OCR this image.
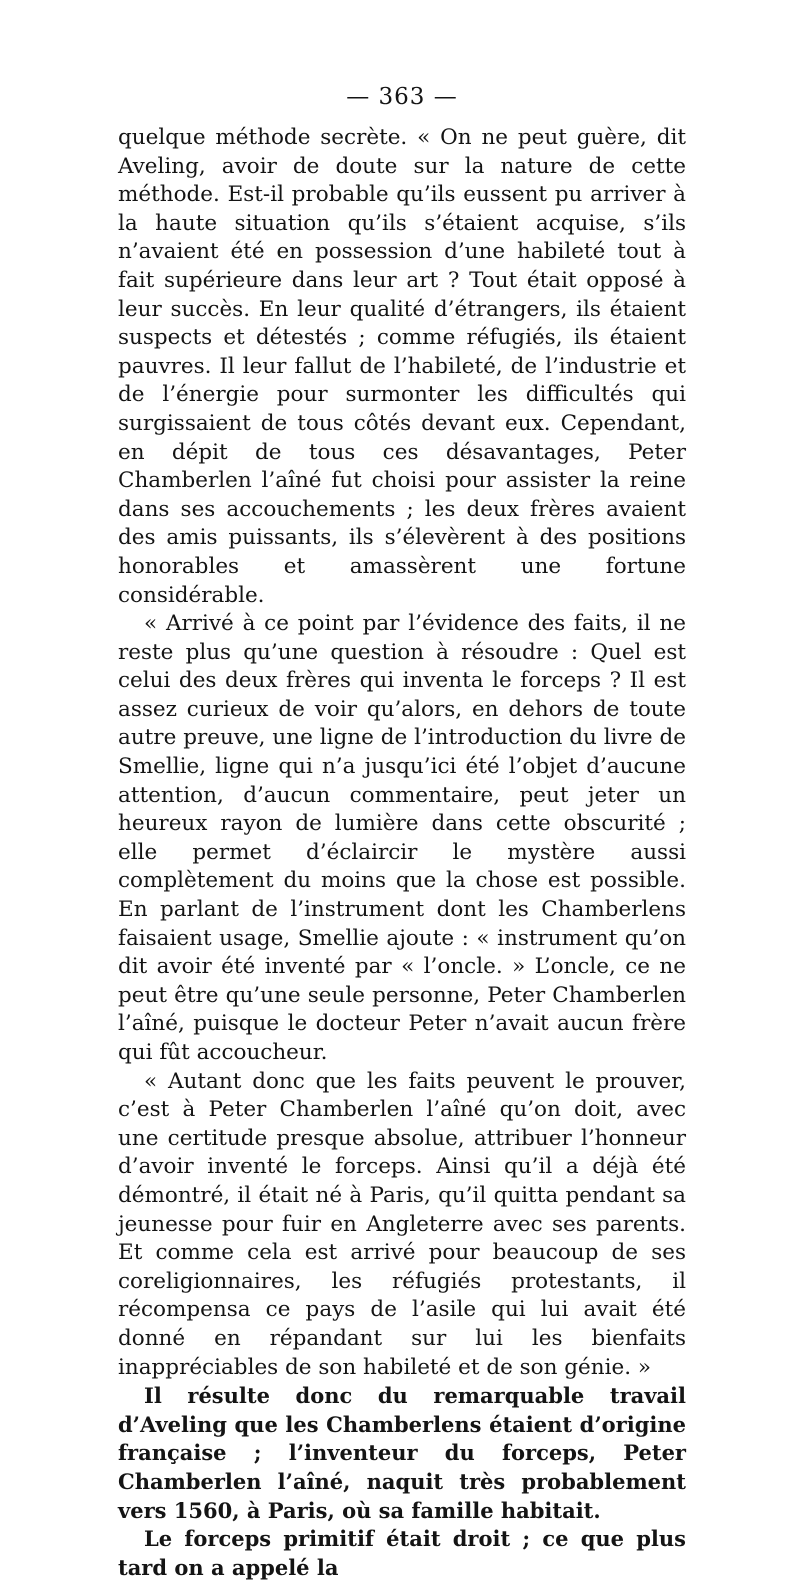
— 363 —

quelque méthode secrète. « On ne peut guère, dit Aveling, avoir de doute sur la nature de cette méthode. Est-il probable qu’ils eussent pu arriver à la haute situation qu’ils s’étaient acquise, s’ils n’avaient été en possession d’une habileté tout à fait supérieure dans leur art ? Tout était opposé à leur succès. En leur qualité d’étrangers, ils étaient suspects et détestés ; comme réfugiés, ils étaient pauvres. Il leur fallut de l’habileté, de l’industrie et de l’énergie pour surmonter les difficultés qui surgissaient de tous côtés devant eux. Cependant, en dépit de tous ces désavantages, Peter Chamberlen l’aîné fut choisi pour assister la reine dans ses accouchements ; les deux frères avaient des amis puissants, ils s’élevèrent à des positions honorables et amassèrent une fortune considérable.

« Arrivé à ce point par l’évidence des faits, il ne reste plus qu’une question à résoudre : Quel est celui des deux frères qui inventa le forceps ? Il est assez curieux de voir qu’alors, en dehors de toute autre preuve, une ligne de l’introduction du livre de Smellie, ligne qui n’a jusqu’ici été l’objet d’aucune attention, d’aucun commentaire, peut jeter un heureux rayon de lumière dans cette obscurité ; elle permet d’éclaircir le mystère aussi complètement du moins que la chose est possible. En parlant de l’instrument dont les Chamberlens faisaient usage, Smellie ajoute : « instrument qu’on dit avoir été inventé par « l’oncle. » L’oncle, ce ne peut être qu’une seule personne, Peter Chamberlen l’aîné, puisque le docteur Peter n’avait aucun frère qui fût accoucheur.

« Autant donc que les faits peuvent le prouver, c’est à Peter Chamberlen l’aîné qu’on doit, avec une certitude presque absolue, attribuer l’honneur d’avoir inventé le forceps. Ainsi qu’il a déjà été démontré, il était né à Paris, qu’il quitta pendant sa jeunesse pour fuir en Angleterre avec ses parents. Et comme cela est arrivé pour beaucoup de ses coreligionnaires, les réfugiés protestants, il récompensa ce pays de l’asile qui lui avait été donné en répandant sur lui les bienfaits inappréciables de son habileté et de son génie. »

Il résulte donc du remarquable travail d’Aveling que les Chamberlens étaient d’origine française ; l’inventeur du forceps, Peter Chamberlen l’aîné, naquit très probablement vers 1560, à Paris, où sa famille habitait.

Le forceps primitif était droit ; ce que plus tard on a appelé la
